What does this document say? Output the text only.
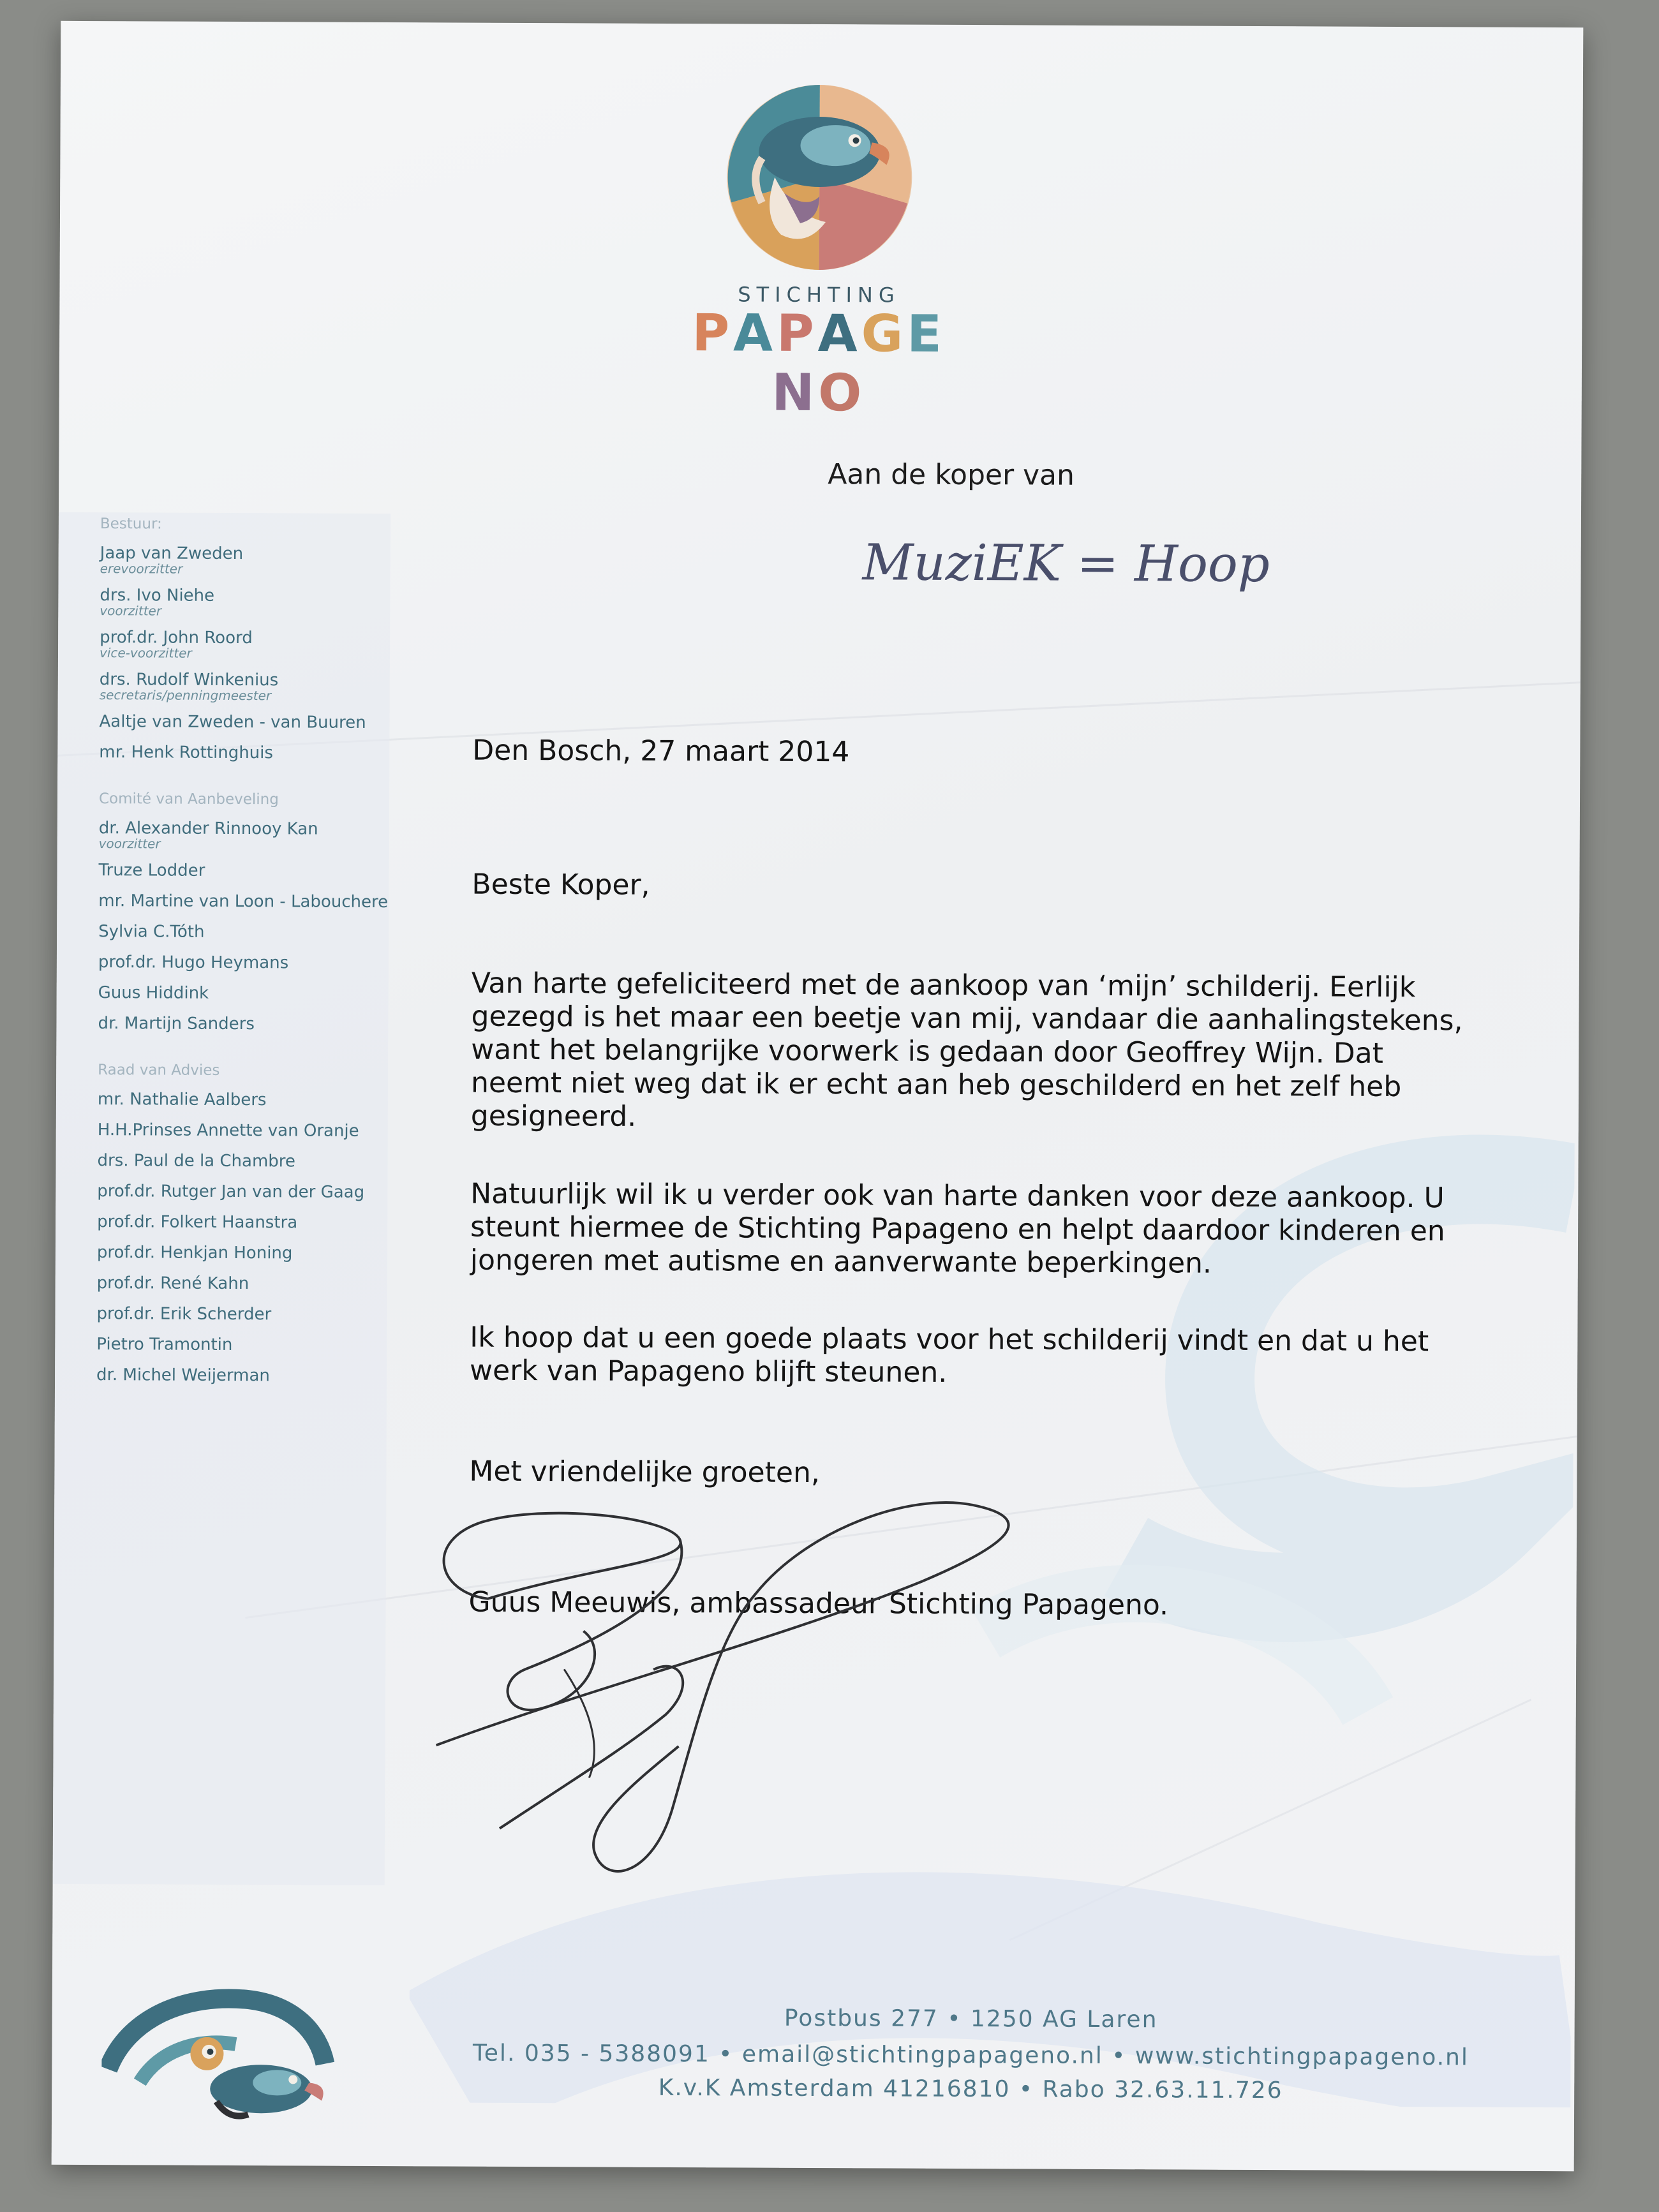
STICHTING
PAPAGENO
Aan de koper van
MuziEK = Hoop
Bestuur:
Jaap van Zweden
erevoorzitter
drs. Ivo Niehe
voorzitter
prof.dr. John Roord
vice-voorzitter
drs. Rudolf Winkenius
secretaris/penningmeester
Aaltje van Zweden - van Buuren
mr. Henk Rottinghuis
Comité van Aanbeveling
dr. Alexander Rinnooy Kan
voorzitter
Truze Lodder
mr. Martine van Loon - Labouchere
Sylvia C.Tóth
prof.dr. Hugo Heymans
Guus Hiddink
dr. Martijn Sanders
Raad van Advies
mr. Nathalie Aalbers
H.H.Prinses Annette van Oranje
drs. Paul de la Chambre
prof.dr. Rutger Jan van der Gaag
prof.dr. Folkert Haanstra
prof.dr. Henkjan Honing
prof.dr. René Kahn
prof.dr. Erik Scherder
Pietro Tramontin
dr. Michel Weijerman
Den Bosch, 27 maart 2014
Beste Koper,

Van harte gefeliciteerd met de aankoop van ‘mijn’ schilderij. Eerlijk

gezegd is het maar een beetje van mij, vandaar die aanhalingstekens,

want het belangrijke voorwerk is gedaan door Geoffrey Wijn. Dat

neemt niet weg dat ik er echt aan heb geschilderd en het zelf heb

gesigneerd.

Natuurlijk wil ik u verder ook van harte danken voor deze aankoop. U

steunt hiermee de Stichting Papageno en helpt daardoor kinderen en

jongeren met autisme en aanverwante beperkingen.

Ik hoop dat u een goede plaats voor het schilderij vindt en dat u het

werk van Papageno blijft steunen.

Met vriendelijke groeten,
Guus Meeuwis, ambassadeur Stichting Papageno.
Postbus 277 • 1250 AG Laren
Tel. 035 - 5388091 • email@stichtingpapageno.nl • www.stichtingpapageno.nl
K.v.K Amsterdam 41216810 • Rabo 32.63.11.726
